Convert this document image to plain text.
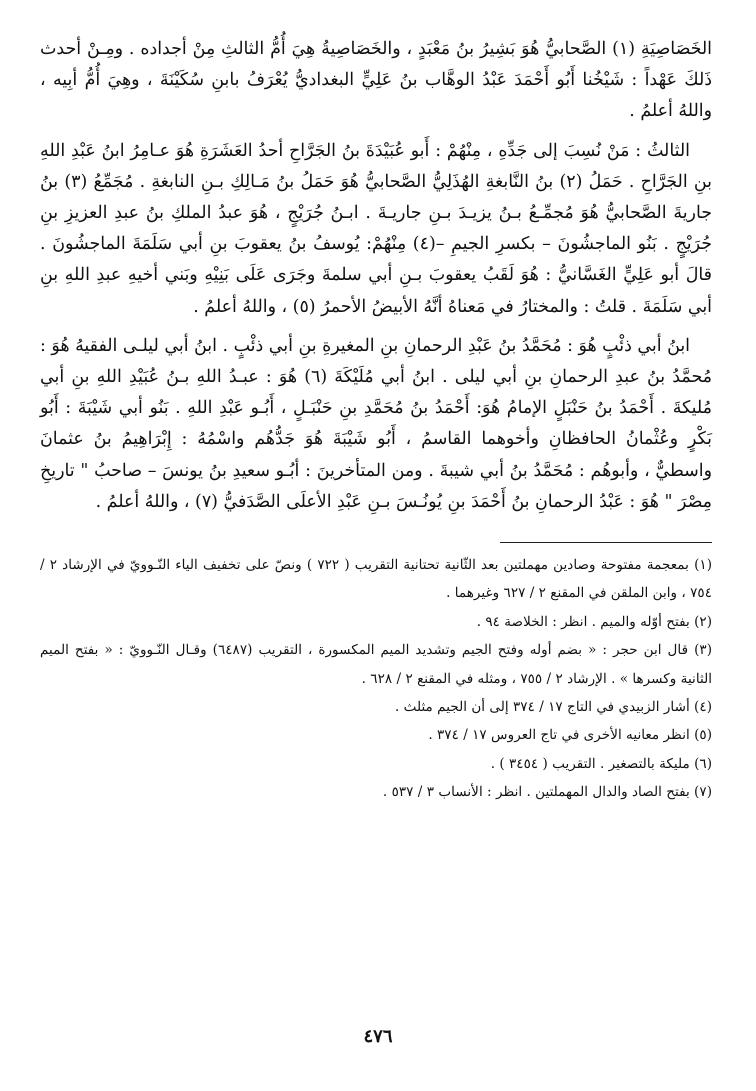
الخَصَاصِيَةِ (١) الصَّحابيُّ هُوَ بَشِيرُ بنُ مَعْبَدٍ ، والخَصَاصِيةُ هِيَ أُمُّ الثالثِ مِنْ أجداده . ومِـنْ أحدث ذَلكَ عَهْداً : شَيْخُنا أَبُو أَحْمَدَ عَبْدُ الوهَّاب بنُ عَلِيٍّ البغداديُّ يُعْرَفُ بابنِ سُكَيْنَةَ ، وهِيَ أُمُّ أبِيه ، واللهُ أعلمُ .

الثالثُ : مَنْ نُسِبَ إلى جَدِّهِ ، مِنْهُمْ : أَبو عُبَيْدَةَ بنُ الجَرَّاحِ أحدُ العَشَرَةِ هُوَ عـامِرُ ابنُ عَبْدِ اللهِ بنِ الجَرَّاحِ . حَمَلُ (٢) بنُ النَّابغةِ الهُذَلِيُّ الصَّحابيُّ هُوَ حَمَلُ بنُ مَـالِكِ بـنِ النابغةِ . مُجَمِّعُ (٣) بنُ جاريةَ الصَّحابيُّ هُوَ مُجمِّـعُ بـنُ يزيـدَ بـنِ جاريـةَ . ابـنُ جُرَيْجٍ ، هُوَ عبدُ الملكِ بنُ عبدِ العزيزِ بنِ جُرَيْجٍ . بَنُو الماجشُونَ – بكسرِ الجيمِ –(٤) مِنْهُمْ: يُوسفُ بنُ يعقوبَ بنِ أبي سَلَمَةَ الماجشُونَ . قالَ أبو عَلِيٍّ الغَسَّانيُّ : هُوَ لَقَبُ يعقوبَ بـنِ أبي سلمةَ وجَرَى عَلَى بَنِيْهِ وبَني أخيهِ عبدِ اللهِ بنِ أبي سَلَمَةَ . قلتُ : والمختارُ في مَعناهُ أنَّهُ الأبيضُ الأحمرُ (٥) ، واللهُ أعلمُ .

ابنُ أبي ذئْبٍ هُوَ : مُحَمَّدُ بنُ عَبْدِ الرحمانِ بنِ المغيرةِ بنِ أبي ذئْبٍ . ابنُ أبي ليلـى الفقيهُ هُوَ : مُحمَّدُ بنُ عبدِ الرحمانِ بنِ أبي ليلى . ابنُ أبي مُلَيْكَةَ (٦) هُوَ : عبـدُ اللهِ بـنُ عُبَيْدِ اللهِ بنِ أبي مُليكةَ . أَحْمَدُ بنُ حَنْبَلٍ الإمامُ هُوَ: أَحْمَدُ بنُ مُحَمَّدِ بنِ حَنْبَـلٍ ، أَبُـو عَبْدِ اللهِ . بَنُو أبي شَيْبَةَ : أَبُو بَكْرٍ وعُثْمانُ الحافظانِ وأخوهما القاسمُ ، أَبُو شَيْبَةَ هُوَ جَدُّهُم واسْمُهُ : إِبْرَاهِيمُ بنُ عثمانَ واسطيٌّ ، وأبوهُم : مُحَمَّدُ بنُ أبي شيبةَ . ومن المتأخرينَ : أبُـو سعيدِ بنُ يونسَ – صاحبُ " تاريخِ مِصْرَ " هُوَ : عَبْدُ الرحمانِ بنُ أَحْمَدَ بنِ يُونُـسَ بـنِ عَبْدِ الأعلَى الصَّدَفيُّ (٧) ، واللهُ أعلمُ .

(١) بمعجمة مفتوحة وصادين مهملتين بعد الثّانية تحتانية التقريب ( ٧٢٢ ) ونصّ على تخفيف الياء النّـوويّ في الإرشاد ٢ / ٧٥٤ ، وابن الملقن في المقنع ٢ / ٦٢٧ وغيرهما .

(٢) بفتح أوّله والميم . انظر : الخلاصة ٩٤ .

(٣) قال ابن حجر : « بضم أوله وفتح الجيم وتشديد الميم المكسورة ، التقريب (٦٤٨٧) وقـال النّـوويّ : « بفتح الميم الثانية وكسرها » . الإرشاد ٢ / ٧٥٥ ، ومثله في المقنع ٢ / ٦٢٨ .

(٤) أشار الزبيدي في التاج ١٧ / ٣٧٤ إلى أن الجيم مثلث .

(٥) انظر معانيه الأخرى في تاج العروس ١٧ / ٣٧٤ .

(٦) مليكة بالتصغير . التقريب ( ٣٤٥٤ ) .

(٧) بفتح الصاد والدال المهملتين . انظر : الأنساب ٣ / ٥٣٧ .

٤٧٦
